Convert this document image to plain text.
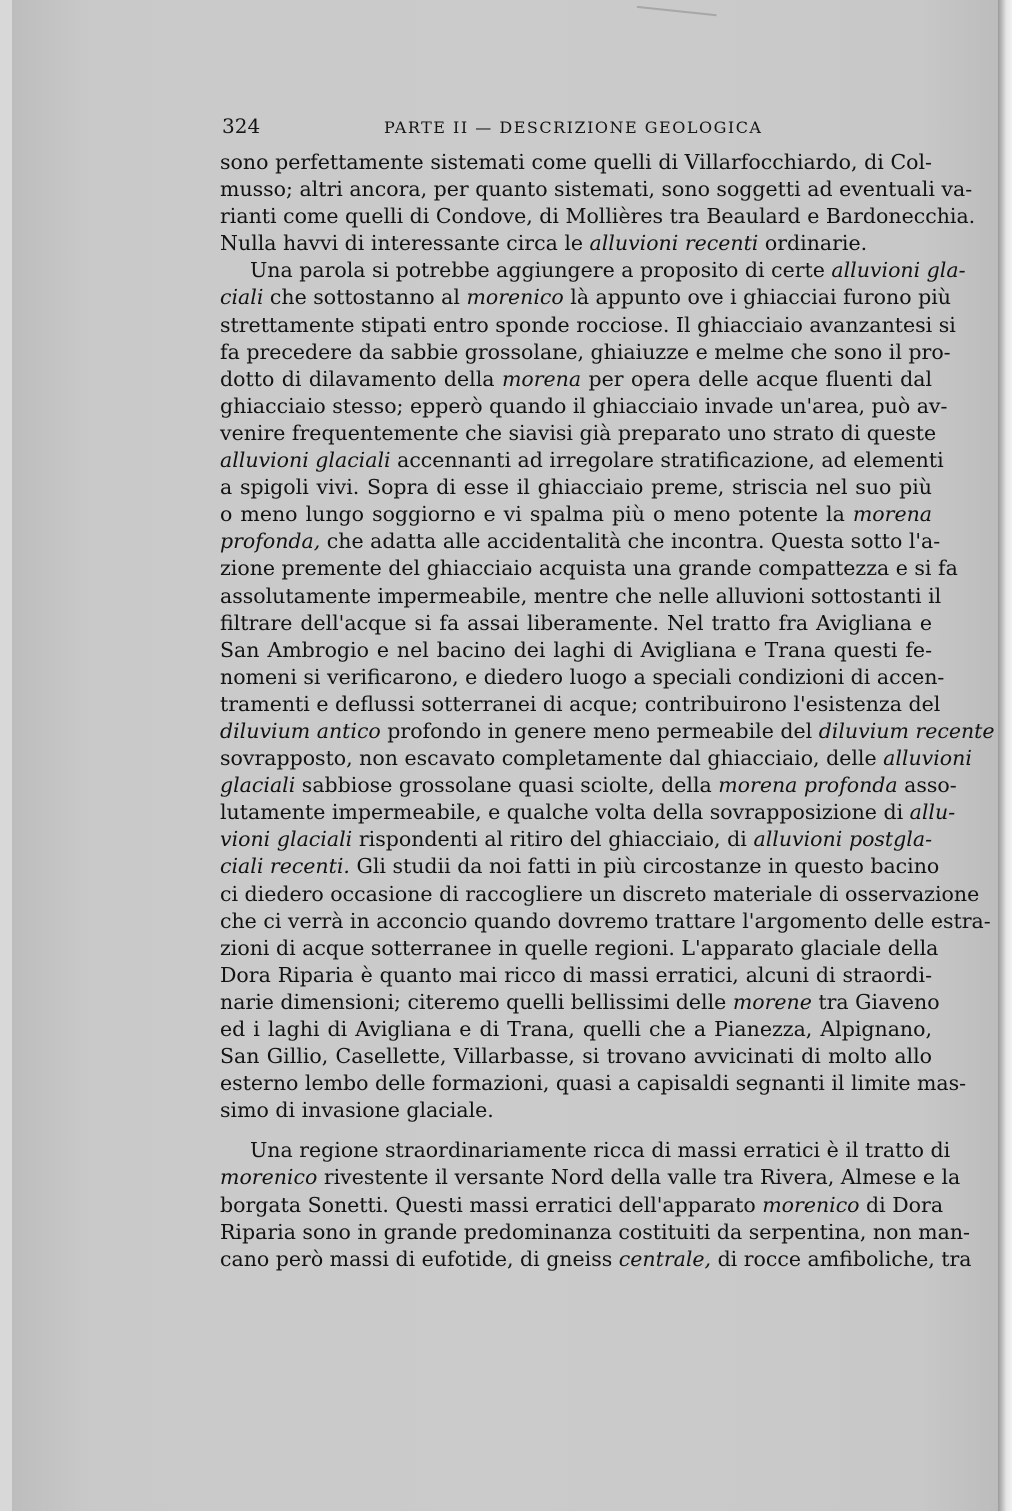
324	PARTE II — DESCRIZIONE GEOLOGICA
sono perfettamente sistemati come quelli di Villarfocchiardo, di Col-
musso; altri ancora, per quanto sistemati, sono soggetti ad eventuali va-
rianti come quelli di Condove, di Mollières tra Beaulard e Bardonecchia.
Nulla havvi di interessante circa le alluvioni recenti ordinarie.
Una parola si potrebbe aggiungere a proposito di certe alluvioni gla-
ciali che sottostanno al morenico là appunto ove i ghiacciai furono più
strettamente stipati entro sponde rocciose. Il ghiacciaio avanzantesi si
fa precedere da sabbie grossolane, ghiaiuzze e melme che sono il pro-
dotto di dilavamento della morena per opera delle acque fluenti dal
ghiacciaio stesso; epperò quando il ghiacciaio invade un'area, può av-
venire frequentemente che siavisi già preparato uno strato di queste
alluvioni glaciali accennanti ad irregolare stratificazione, ad elementi
a spigoli vivi. Sopra di esse il ghiacciaio preme, striscia nel suo più
o meno lungo soggiorno e vi spalma più o meno potente la morena
profonda, che adatta alle accidentalità che incontra. Questa sotto l'a-
zione premente del ghiacciaio acquista una grande compattezza e si fa
assolutamente impermeabile, mentre che nelle alluvioni sottostanti il
filtrare dell'acque si fa assai liberamente. Nel tratto fra Avigliana e
San Ambrogio e nel bacino dei laghi di Avigliana e Trana questi fe-
nomeni si verificarono, e diedero luogo a speciali condizioni di accen-
tramenti e deflussi sotterranei di acque; contribuirono l'esistenza del
diluvium antico profondo in genere meno permeabile del diluvium recente
sovrapposto, non escavato completamente dal ghiacciaio, delle alluvioni
glaciali sabbiose grossolane quasi sciolte, della morena profonda asso-
lutamente impermeabile, e qualche volta della sovrapposizione di allu-
vioni glaciali rispondenti al ritiro del ghiacciaio, di alluvioni postgla-
ciali recenti. Gli studii da noi fatti in più circostanze in questo bacino
ci diedero occasione di raccogliere un discreto materiale di osservazione
che ci verrà in acconcio quando dovremo trattare l'argomento delle estra-
zioni di acque sotterranee in quelle regioni. L'apparato glaciale della
Dora Riparia è quanto mai ricco di massi erratici, alcuni di straordi-
narie dimensioni; citeremo quelli bellissimi delle morene tra Giaveno
ed i laghi di Avigliana e di Trana, quelli che a Pianezza, Alpignano,
San Gillio, Casellette, Villarbasse, si trovano avvicinati di molto allo
esterno lembo delle formazioni, quasi a capisaldi segnanti il limite mas-
simo di invasione glaciale.
Una regione straordinariamente ricca di massi erratici è il tratto di
morenico rivestente il versante Nord della valle tra Rivera, Almese e la
borgata Sonetti. Questi massi erratici dell'apparato morenico di Dora
Riparia sono in grande predominanza costituiti da serpentina, non man-
cano però massi di eufotide, di gneiss centrale, di rocce amfiboliche, tra
